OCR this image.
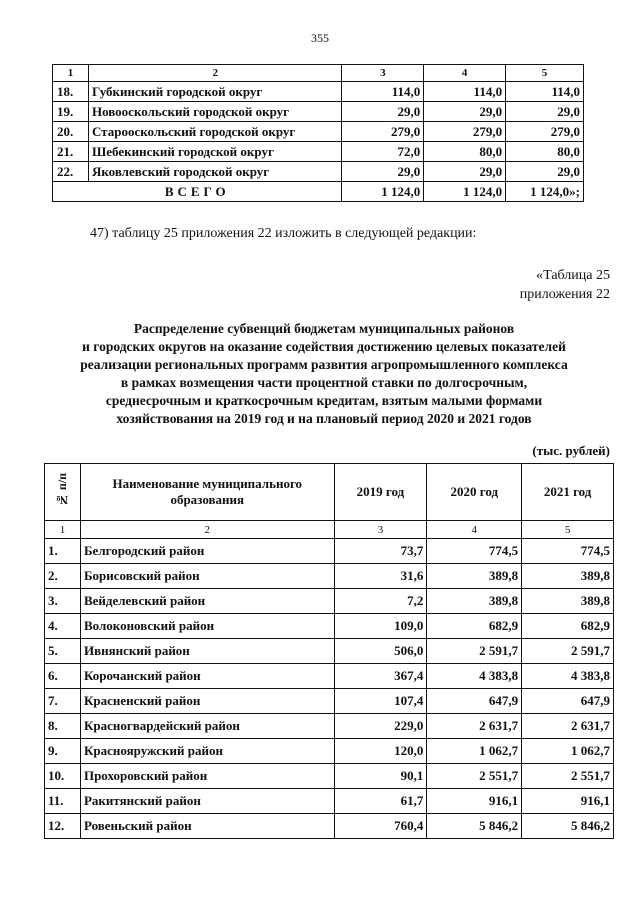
355
1	2	3	4	5
18.	Губкинский городской округ	114,0	114,0	114,0
19.	Новооскольский городской округ	29,0	29,0	29,0
20.	Старооскольский городской округ	279,0	279,0	279,0
21.	Шебекинский городской округ	72,0	80,0	80,0
22.	Яковлевский городской округ	29,0	29,0	29,0
ВСЕГО		1 124,0	1 124,0	1 124,0»;
47) таблицу 25 приложения 22 изложить в следующей редакции:
«Таблица 25
приложения 22
Распределение субвенций бюджетам муниципальных районов
и городских округов на оказание содействия достижению целевых показателей
реализации региональных программ развития агропромышленного комплекса
в рамках возмещения части процентной ставки по долгосрочным,
среднесрочным и краткосрочным кредитам, взятым малыми формами
хозяйствования на 2019 год и на плановый период 2020 и 2021 годов
(тыс. рублей)
№ п/п	Наименование муниципального образования	2019 год	2020 год	2021 год
1	2	3	4	5
1.	Белгородский район	73,7	774,5	774,5
2.	Борисовский район	31,6	389,8	389,8
3.	Вейделевский район	7,2	389,8	389,8
4.	Волоконовский район	109,0	682,9	682,9
5.	Ивнянский район	506,0	2 591,7	2 591,7
6.	Корочанский район	367,4	4 383,8	4 383,8
7.	Красненский район	107,4	647,9	647,9
8.	Красногвардейский район	229,0	2 631,7	2 631,7
9.	Краснояружский район	120,0	1 062,7	1 062,7
10.	Прохоровский район	90,1	2 551,7	2 551,7
11.	Ракитянский район	61,7	916,1	916,1
12.	Ровеньский район	760,4	5 846,2	5 846,2
